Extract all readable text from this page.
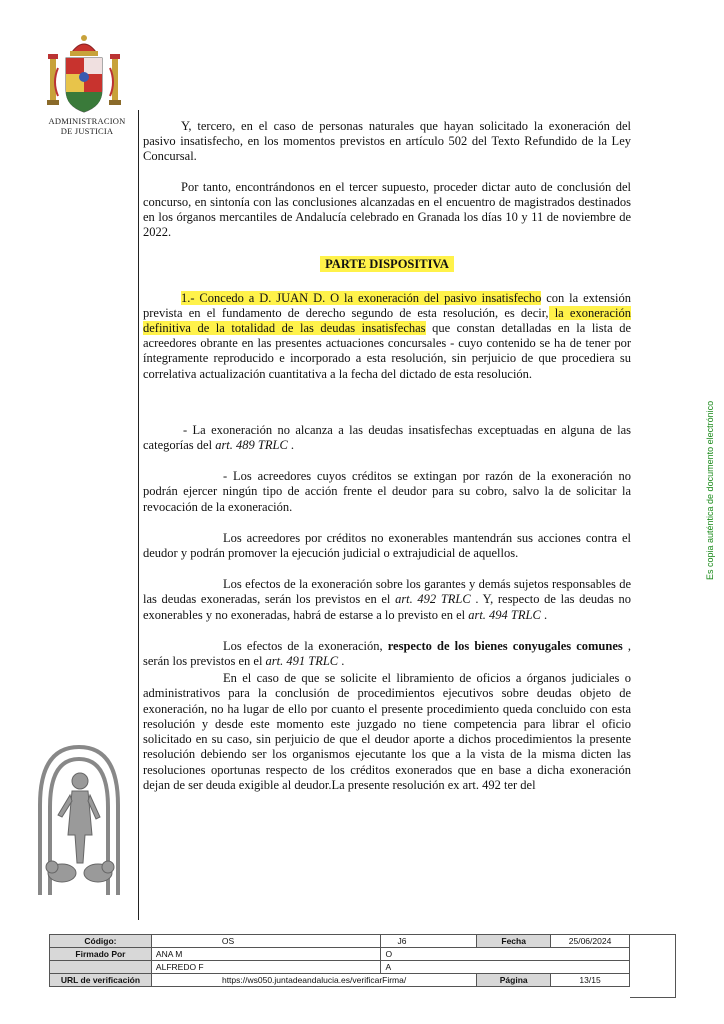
ADMINISTRACION
DE JUSTICIA
Es copia auténtica de documento electrónico

Y, tercero, en el caso de personas naturales que hayan solicitado la exoneración del pasivo insatisfecho, en los momentos previstos en artículo 502 del Texto Refundido de la Ley Concursal.

Por tanto, encontrándonos en el tercer supuesto, proceder dictar auto de conclusión del concurso, en sintonía con las conclusiones alcanzadas en el encuentro de magistrados destinados en los órganos mercantiles de Andalucía celebrado en Granada los días 10 y 11 de noviembre de 2022.

PARTE DISPOSITIVA

1.- Concedo a D. JUAN D. O la exoneración del pasivo insatisfecho con la extensión prevista en el fundamento de derecho segundo de esta resolución, es decir, la exoneración definitiva de la totalidad de las deudas insatisfechas que constan detalladas en la lista de acreedores obrante en las presentes actuaciones concursales - cuyo contenido se ha de tener por íntegramente reproducido e incorporado a esta resolución, sin perjuicio de que procediera su correlativa actualización cuantitativa a la fecha del dictado de esta resolución.

- La exoneración no alcanza a las deudas insatisfechas exceptuadas en alguna de las categorías del art. 489 TRLC .

- Los acreedores cuyos créditos se extingan por razón de la exoneración no podrán ejercer ningún tipo de acción frente el deudor para su cobro, salvo la de solicitar la revocación de la exoneración.

Los acreedores por créditos no exonerables mantendrán sus acciones contra el deudor y podrán promover la ejecución judicial o extrajudicial de aquellos.

Los efectos de la exoneración sobre los garantes y demás sujetos responsables de las deudas exoneradas, serán los previstos en el art. 492 TRLC . Y, respecto de las deudas no exonerables y no exoneradas, habrá de estarse a lo previsto en el art. 494 TRLC .

Los efectos de la exoneración, respecto de los bienes conyugales comunes , serán los previstos en el art. 491 TRLC .

En el caso de que se solicite el libramiento de oficios a órganos judiciales o administrativos para la conclusión de procedimientos ejecutivos sobre deudas objeto de exoneración, no ha lugar de ello por cuanto el presente procedimiento queda concluido con esta resolución y desde este momento este juzgado no tiene competencia para librar el oficio solicitado en su caso, sin perjuicio de que el deudor aporte a dichos procedimientos la presente resolución debiendo ser los organismos ejecutante los que a la vista de la misma dicten las resoluciones oportunas respecto de los créditos exonerados que en base a dicha exoneración dejan de ser deuda exigible al deudor.La presente resolución ex art. 492 ter del

Código:	OS	J6	Fecha	25/06/2024
Firmado Por	ANA M	O		
	ALFREDO F	A		
URL de verificación	https://ws050.juntadeandalucia.es/verificarFirma/		Página	13/15
